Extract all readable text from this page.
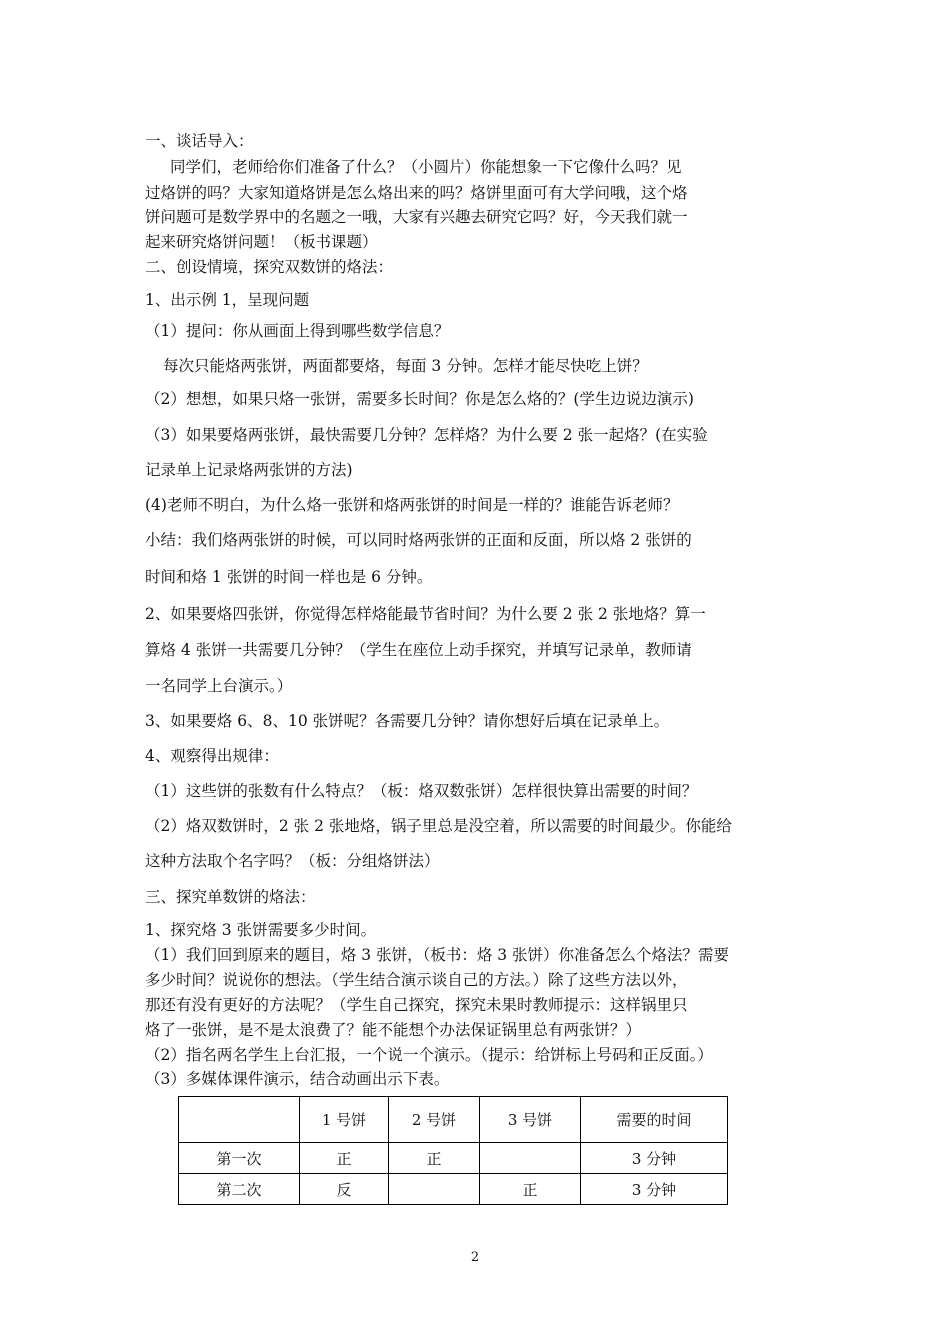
一、谈话导入：
同学们，老师给你们准备了什么？（小圆片）你能想象一下它像什么吗？见
过烙饼的吗？大家知道烙饼是怎么烙出来的吗？烙饼里面可有大学问哦，这个烙
饼问题可是数学界中的名题之一哦，大家有兴趣去研究它吗？好，今天我们就一
起来研究烙饼问题！（板书课题）
二、创设情境，探究双数饼的烙法：
1、出示例 1，呈现问题
（1）提问：你从画面上得到哪些数学信息？
每次只能烙两张饼，两面都要烙，每面 3 分钟。怎样才能尽快吃上饼？
（2）想想，如果只烙一张饼，需要多长时间？你是怎么烙的？(学生边说边演示)
（3）如果要烙两张饼，最快需要几分钟？怎样烙？为什么要 2 张一起烙？(在实验
记录单上记录烙两张饼的方法)
(4)老师不明白，为什么烙一张饼和烙两张饼的时间是一样的？谁能告诉老师？
小结：我们烙两张饼的时候，可以同时烙两张饼的正面和反面，所以烙 2 张饼的
时间和烙 1 张饼的时间一样也是 6 分钟。
2、如果要烙四张饼，你觉得怎样烙能最节省时间？为什么要 2 张 2 张地烙？算一
算烙 4 张饼一共需要几分钟？（学生在座位上动手探究，并填写记录单，教师请
一名同学上台演示。）
3、如果要烙 6、8、10 张饼呢？各需要几分钟？请你想好后填在记录单上。
4、观察得出规律：
（1）这些饼的张数有什么特点？（板：烙双数张饼）怎样很快算出需要的时间？
（2）烙双数饼时，2 张 2 张地烙，锅子里总是没空着，所以需要的时间最少。你能给
这种方法取个名字吗？（板：分组烙饼法）
三、探究单数饼的烙法：
1、探究烙 3 张饼需要多少时间。
（1）我们回到原来的题目，烙 3 张饼，（板书：烙 3 张饼）你准备怎么个烙法？需要
多少时间？说说你的想法。（学生结合演示谈自己的方法。）除了这些方法以外，
那还有没有更好的方法呢？（学生自己探究，探究未果时教师提示：这样锅里只
烙了一张饼，是不是太浪费了？能不能想个办法保证锅里总有两张饼？）
（2）指名两名学生上台汇报，一个说一个演示。（提示：给饼标上号码和正反面。）
（3）多媒体课件演示，结合动画出示下表。
	1 号饼	2 号饼	3 号饼	需要的时间
第一次	正	正		3 分钟
第二次	反		正	3 分钟
2
